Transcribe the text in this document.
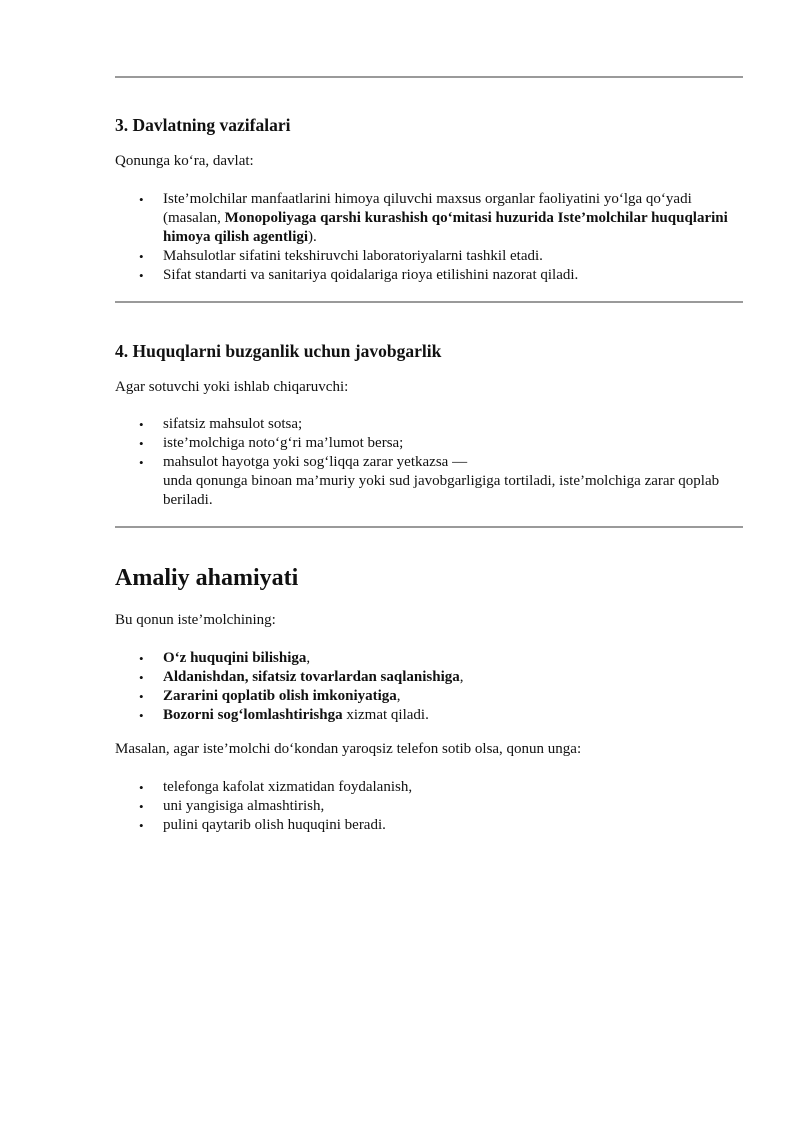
3. Davlatning vazifalari

Qonunga ko‘ra, davlat:

• Iste’molchilar manfaatlarini himoya qiluvchi maxsus organlar faoliyatini yo‘lga qo‘yadi (masalan, Monopoliyaga qarshi kurashish qo‘mitasi huzurida Iste’molchilar huquqlarini himoya qilish agentligi).
• Mahsulotlar sifatini tekshiruvchi laboratoriyalarni tashkil etadi.
• Sifat standarti va sanitariya qoidalariga rioya etilishini nazorat qiladi.
4. Huquqlarni buzganlik uchun javobgarlik

Agar sotuvchi yoki ishlab chiqaruvchi:

• sifatsiz mahsulot sotsa;
• iste’molchiga noto‘g‘ri ma’lumot bersa;
• mahsulot hayotga yoki sog‘liqqa zarar yetkazsa —
unda qonunga binoan ma’muriy yoki sud javobgarligiga tortiladi, iste’molchiga zarar qoplab beriladi.
Amaliy ahamiyati

Bu qonun iste’molchining:

• O‘z huquqini bilishiga,
• Aldanishdan, sifatsiz tovarlardan saqlanishiga,
• Zararini qoplatib olish imkoniyatiga,
• Bozorni sog‘lomlashtirishga xizmat qiladi.

Masalan, agar iste’molchi do‘kondan yaroqsiz telefon sotib olsa, qonun unga:

• telefonga kafolat xizmatidan foydalanish,
• uni yangisiga almashtirish,
• pulini qaytarib olish huquqini beradi.
